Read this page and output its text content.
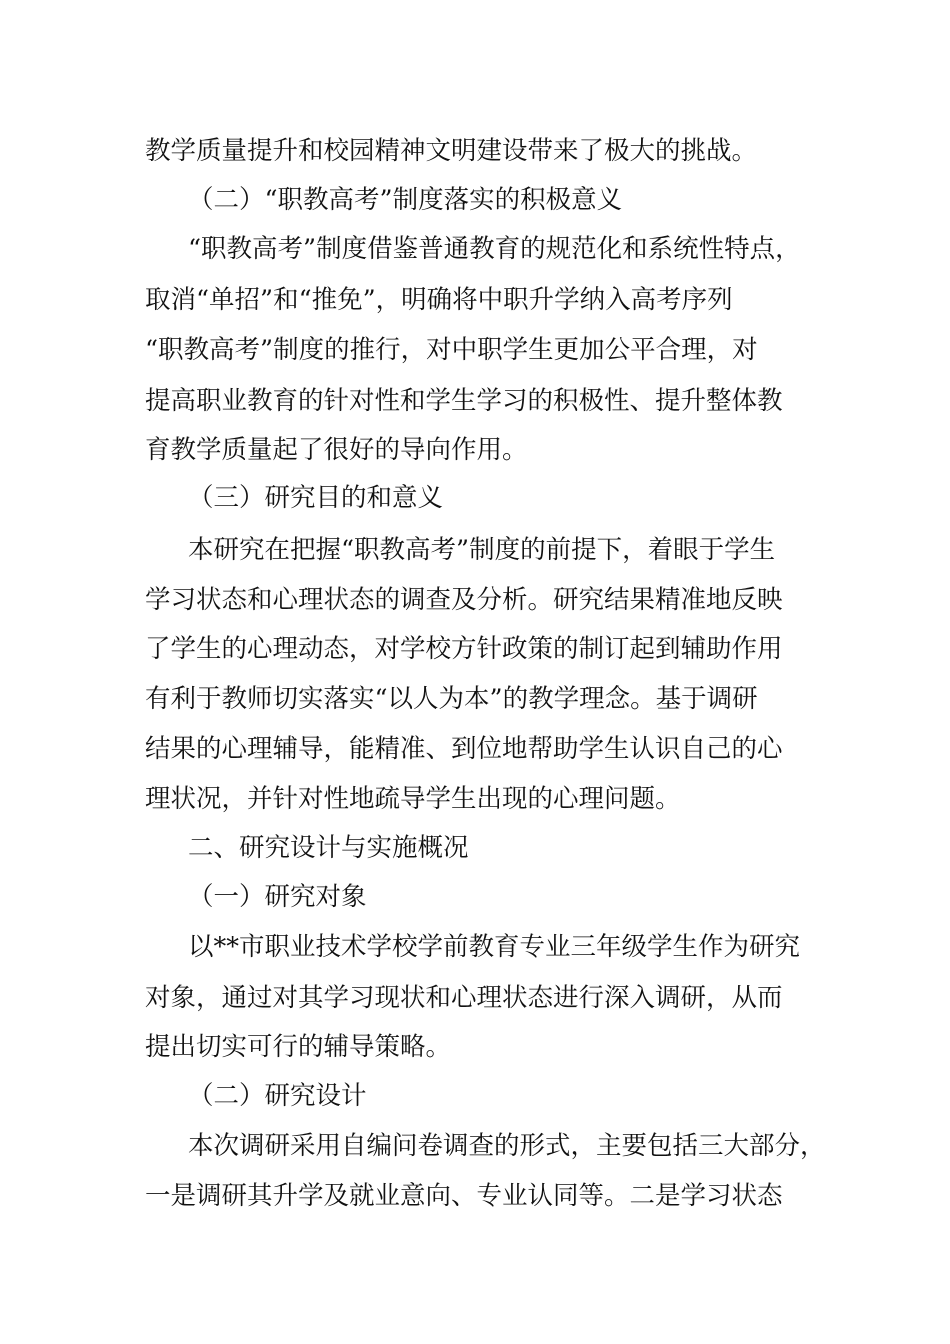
教学质量提升和校园精神文明建设带来了极大的挑战。
（二）“职教高考”制度落实的积极意义
“职教高考”制度借鉴普通教育的规范化和系统性特点，
取消“单招”和“推免”，明确将中职升学纳入高考序列
“职教高考”制度的推行，对中职学生更加公平合理，对
提高职业教育的针对性和学生学习的积极性、提升整体教
育教学质量起了很好的导向作用。
（三）研究目的和意义
本研究在把握“职教高考”制度的前提下，着眼于学生
学习状态和心理状态的调查及分析。研究结果精准地反映
了学生的心理动态，对学校方针政策的制订起到辅助作用
有利于教师切实落实“以人为本”的教学理念。基于调研
结果的心理辅导，能精准、到位地帮助学生认识自己的心
理状况，并针对性地疏导学生出现的心理问题。
二、研究设计与实施概况
（一）研究对象
以**市职业技术学校学前教育专业三年级学生作为研究
对象，通过对其学习现状和心理状态进行深入调研，从而
提出切实可行的辅导策略。
（二）研究设计
本次调研采用自编问卷调查的形式，主要包括三大部分，
一是调研其升学及就业意向、专业认同等。二是学习状态
